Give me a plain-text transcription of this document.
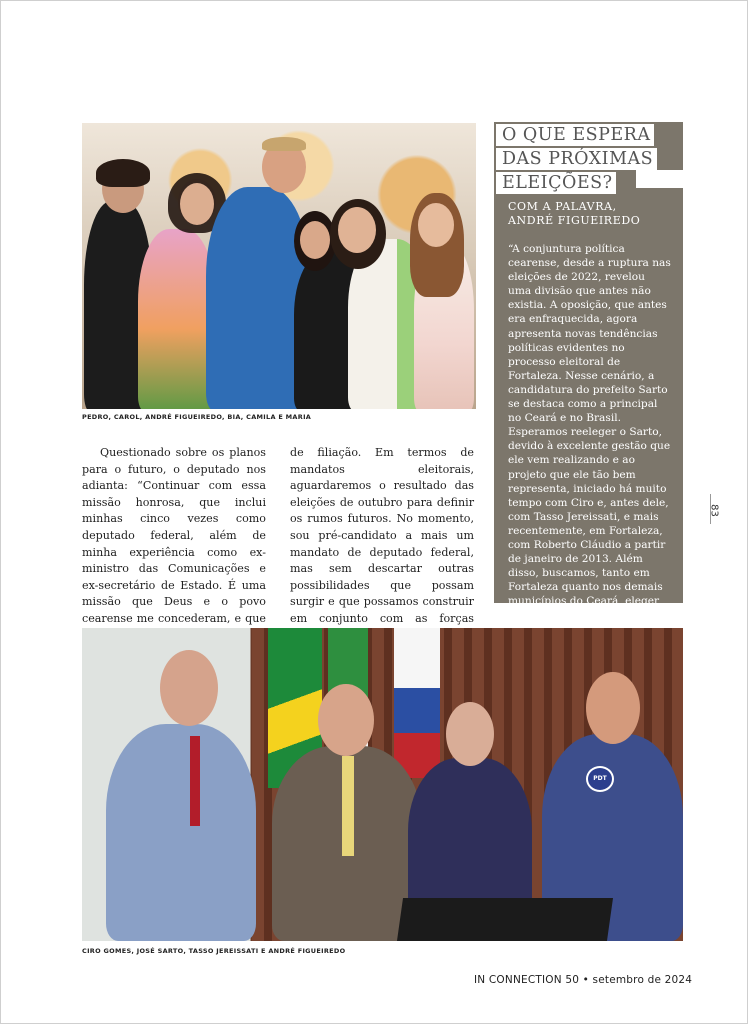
PEDRO, CAROL, ANDRÉ FIGUEIREDO, BIA, CAMILA E MARIA

Questionado sobre os planos para o futuro, o deputado nos adianta: “Continuar com essa missão honrosa, que inclui minhas cinco vezes como deputado federal, além de minha experiência como ex-ministro das Comunicações e ex-secretário de Estado. É uma missão que Deus e o povo cearense me concederam, e que

de filiação. Em termos de mandatos eleitorais, aguardaremos o resultado das eleições de outubro para definir os rumos futuros. No momento, sou pré-candidato a mais um mandato de deputado federal, mas sem descartar outras possibilidades que possam surgir e que possamos construir em conjunto com as forças

O QUE ESPERA
DAS PRÓXIMAS
ELEIÇÕES?
COM A PALAVRA,
ANDRÉ FIGUEIREDO
“A conjuntura política cearense, desde a ruptura nas eleições de 2022, revelou uma divisão que antes não existia. A oposição, que antes era enfraquecida, agora apresenta novas tendências políticas evidentes no processo eleitoral de Fortaleza. Nesse cenário, a candidatura do prefeito Sarto se destaca como a principal no Ceará e no Brasil. Esperamos reeleger o Sarto, devido à excelente gestão que ele vem realizando e ao projeto que ele tão bem representa, iniciado há muito tempo com Ciro e, antes dele, com Tasso Jereissati, e mais recentemente, em Fortaleza, com Roberto Cláudio a partir de janeiro de 2013. Além disso, buscamos, tanto em Fortaleza quanto nos demais municípios do Ceará, eleger um grande número de
83
PDT
CIRO GOMES, JOSÉ SARTO, TASSO JEREISSATI E ANDRÉ FIGUEIREDO
IN CONNECTION 50 • setembro de 2024
